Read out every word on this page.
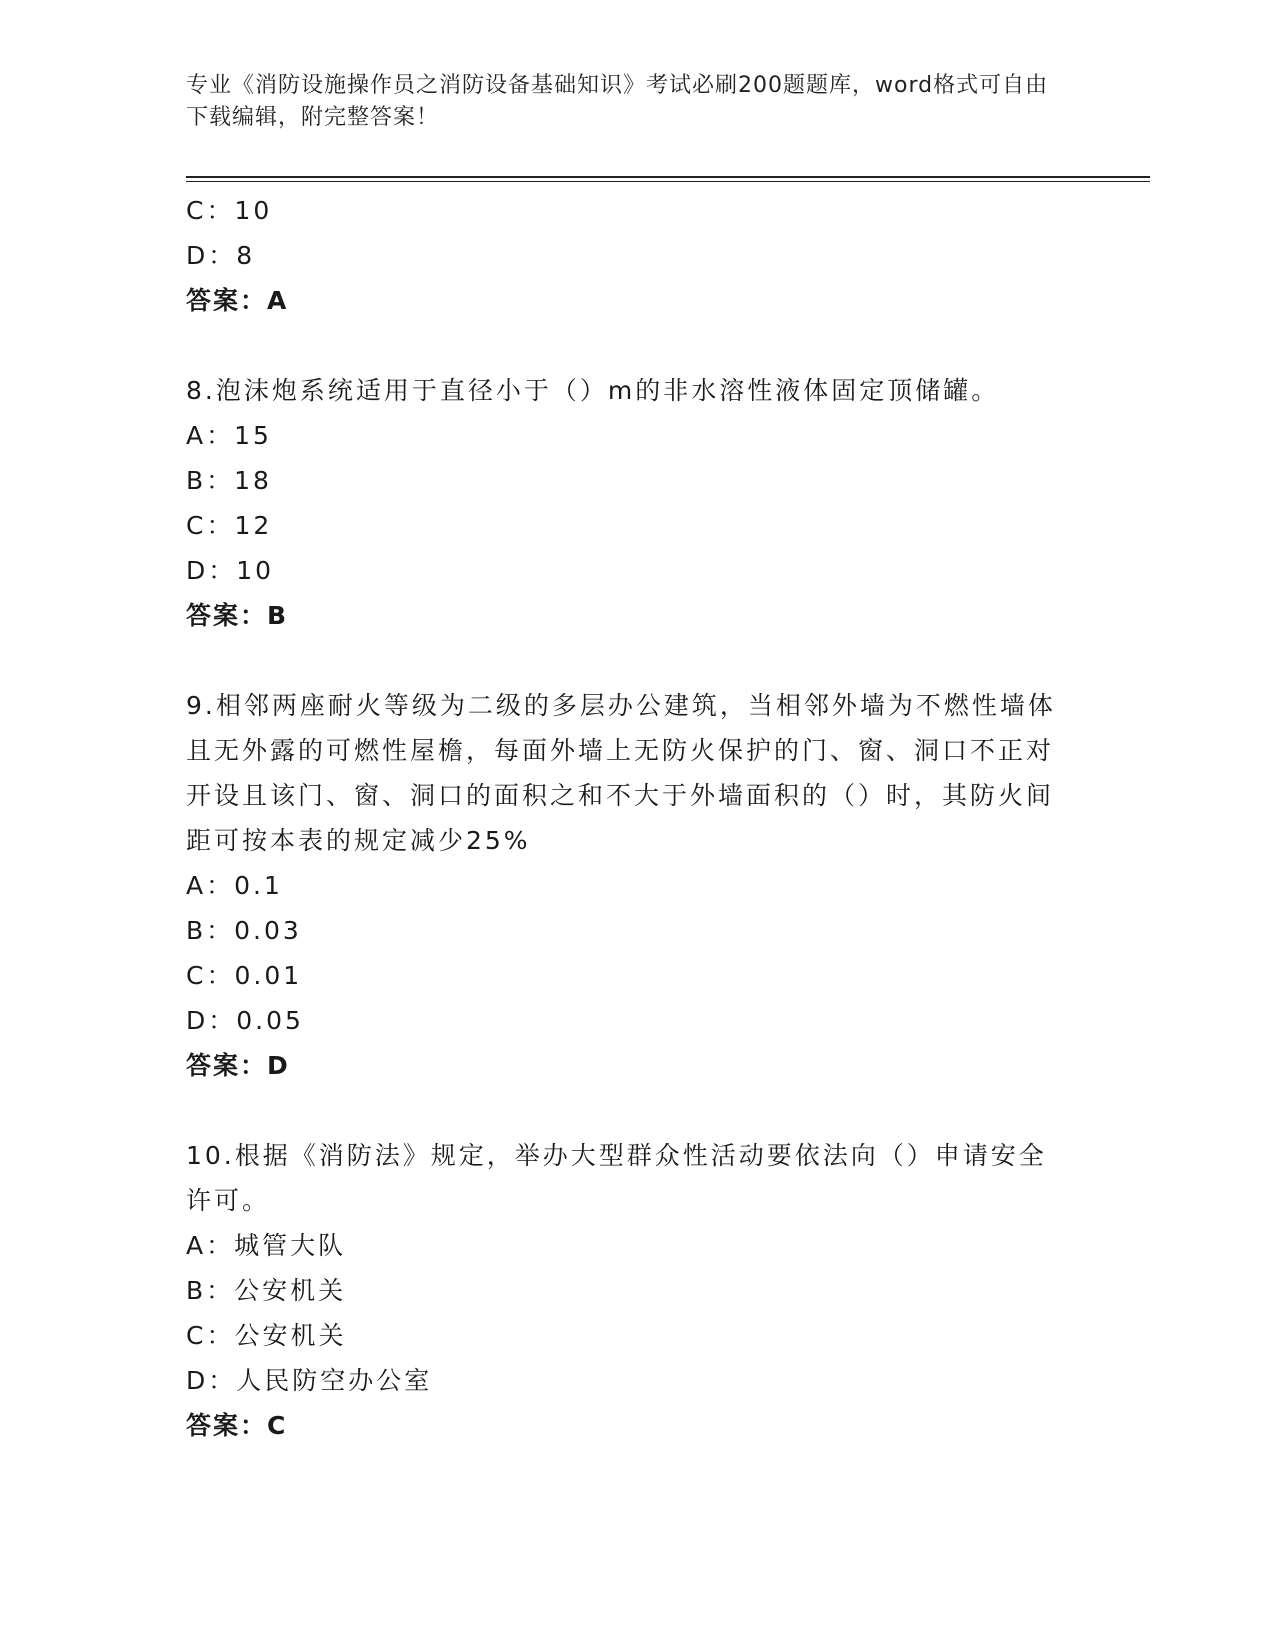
专业《消防设施操作员之消防设备基础知识》考试必刷200题题库，word格式可自由下载编辑，附完整答案！
C：10
D：8
答案：A
8.泡沫炮系统适用于直径小于（）m的非水溶性液体固定顶储罐。
A：15
B：18
C：12
D：10
答案：B
9.相邻两座耐火等级为二级的多层办公建筑，当相邻外墙为不燃性墙体且无外露的可燃性屋檐，每面外墙上无防火保护的门、窗、洞口不正对开设且该门、窗、洞口的面积之和不大于外墙面积的（）时，其防火间距可按本表的规定减少25%
A：0.1
B：0.03
C：0.01
D：0.05
答案：D
10.根据《消防法》规定，举办大型群众性活动要依法向（）申请安全许可。
A：城管大队
B：公安机关
C：公安机关
D：人民防空办公室
答案：C
